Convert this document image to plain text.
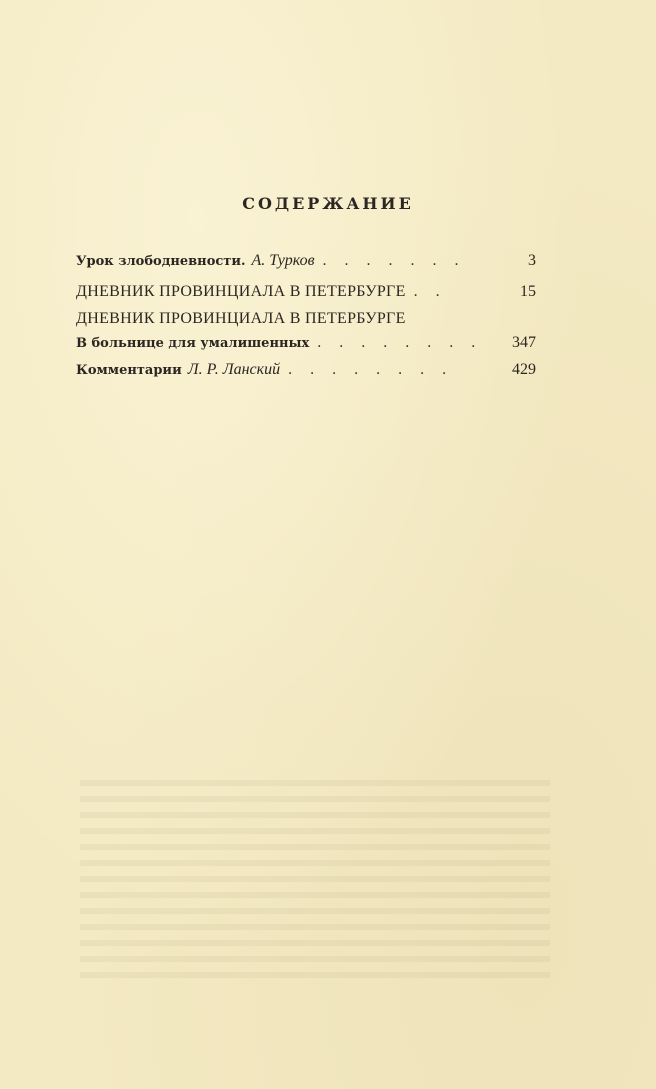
СОДЕРЖАНИЕ
Урок злободневности. А. Турков . . . . . . .	3
ДНЕВНИК ПРОВИНЦИАЛА В ПЕТЕРБУРГЕ . .	15
ДНЕВНИК ПРОВИНЦИАЛА В ПЕТЕРБУРГЕ
В больнице для умалишенных . . . . . . . .	347
Комментарии Л. Р. Ланский . . . . . . . .	429
